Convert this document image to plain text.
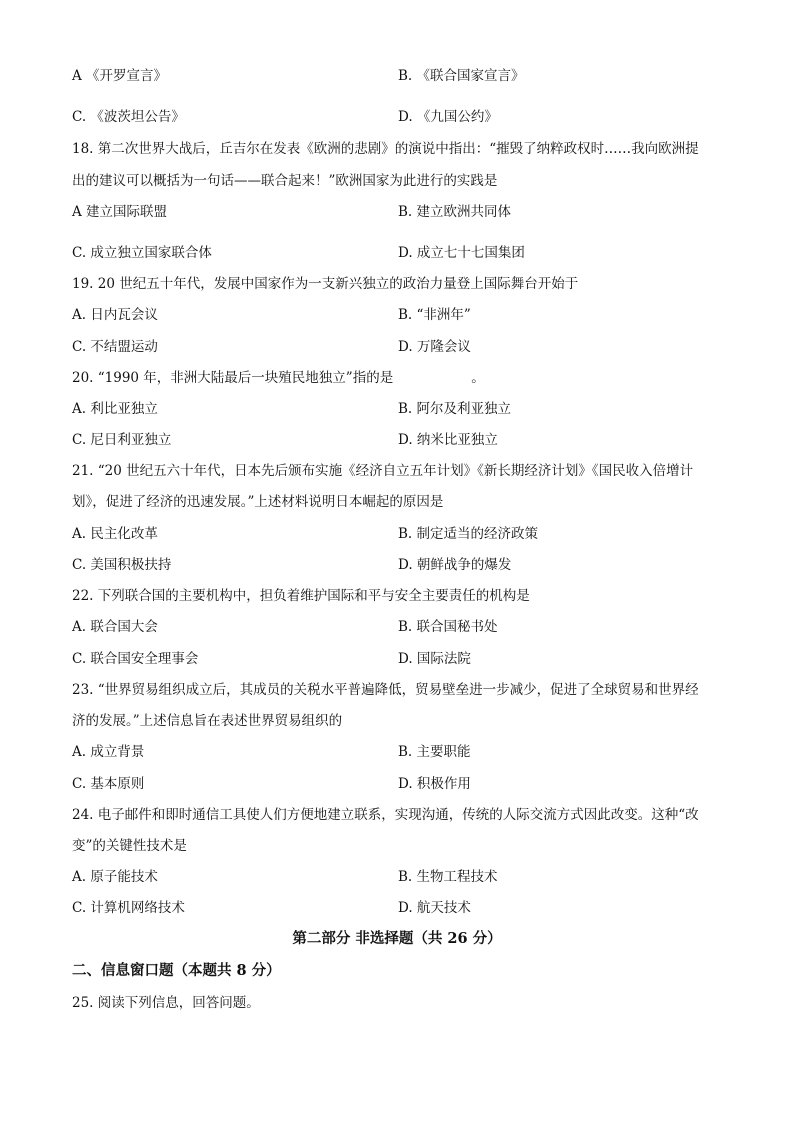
A 《开罗宣言》	B. 《联合国家宣言》
C. 《波茨坦公告》	D. 《九国公约》
18. 第二次世界大战后，丘吉尔在发表《欧洲的悲剧》的演说中指出：“摧毁了纳粹政权时……我向欧洲提
出的建议可以概括为一句话——联合起来！”欧洲国家为此进行的实践是
A 建立国际联盟	B. 建立欧洲共同体
C. 成立独立国家联合体	D. 成立七十七国集团
19. 20 世纪五十年代，发展中国家作为一支新兴独立的政治力量登上国际舞台开始于
A. 日内瓦会议	B. “非洲年”
C. 不结盟运动	D. 万隆会议
20. “1990 年，非洲大陆最后一块殖民地独立”指的是	。
A. 利比亚独立	B. 阿尔及利亚独立
C. 尼日利亚独立	D. 纳米比亚独立
21. “20 世纪五六十年代，日本先后颁布实施《经济自立五年计划》《新长期经济计划》《国民收入倍增计
划》，促进了经济的迅速发展。”上述材料说明日本崛起的原因是
A. 民主化改革	B. 制定适当的经济政策
C. 美国积极扶持	D. 朝鲜战争的爆发
22. 下列联合国的主要机构中，担负着维护国际和平与安全主要责任的机构是
A. 联合国大会	B. 联合国秘书处
C. 联合国安全理事会	D. 国际法院
23. “世界贸易组织成立后，其成员的关税水平普遍降低，贸易壁垒进一步减少，促进了全球贸易和世界经
济的发展。”上述信息旨在表述世界贸易组织的
A. 成立背景	B. 主要职能
C. 基本原则	D. 积极作用
24. 电子邮件和即时通信工具使人们方便地建立联系，实现沟通，传统的人际交流方式因此改变。这种“改
变”的关键性技术是
A. 原子能技术	B. 生物工程技术
C. 计算机网络技术	D. 航天技术
第二部分 非选择题（共 26 分）
二、信息窗口题（本题共 8 分）
25. 阅读下列信息，回答问题。
